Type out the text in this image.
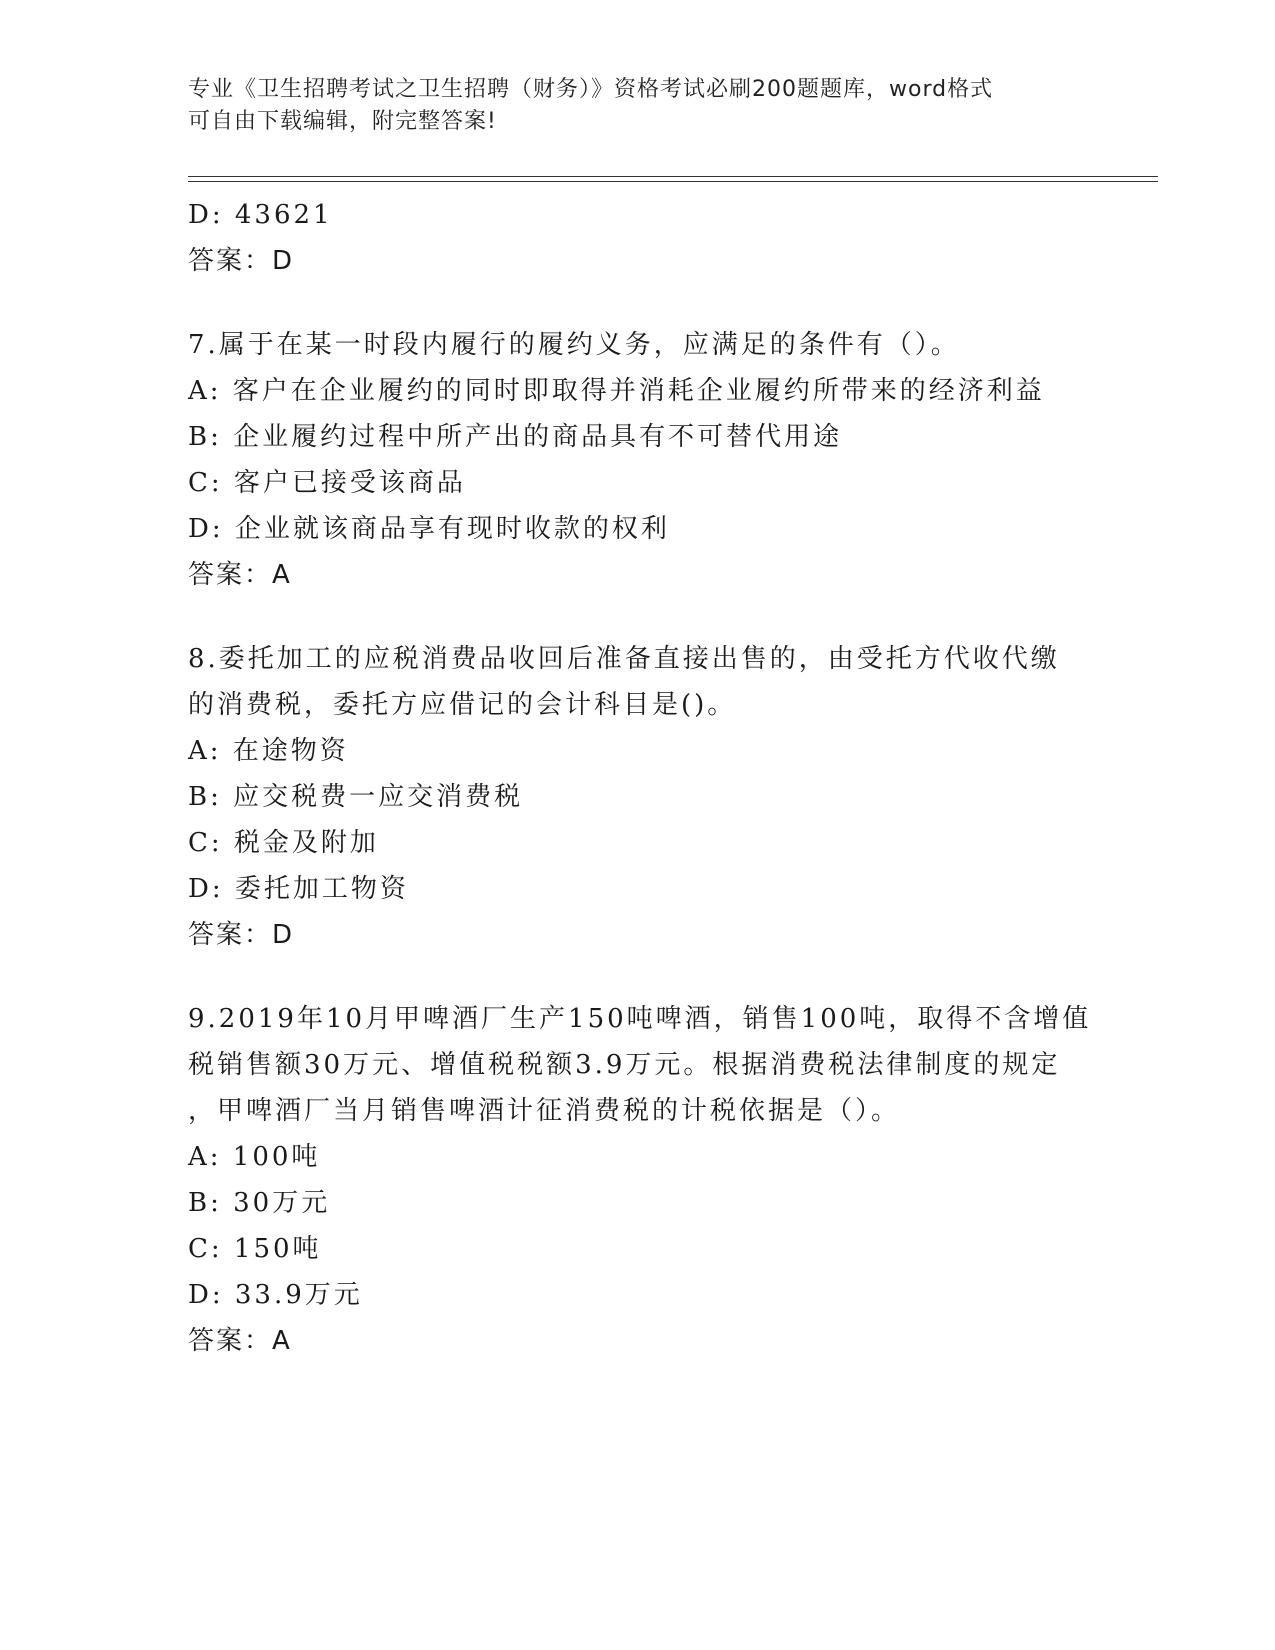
专业《卫生招聘考试之卫生招聘（财务）》资格考试必刷200题题库，word格式
可自由下载编辑，附完整答案!
D: 43621
答案：D
7.属于在某一时段内履行的履约义务，应满足的条件有（）。
A: 客户在企业履约的同时即取得并消耗企业履约所带来的经济利益
B: 企业履约过程中所产出的商品具有不可替代用途
C: 客户已接受该商品
D: 企业就该商品享有现时收款的权利
答案：A
8.委托加工的应税消费品收回后准备直接出售的，由受托方代收代缴
的消费税，委托方应借记的会计科目是()。
A: 在途物资
B: 应交税费一应交消费税
C: 税金及附加
D: 委托加工物资
答案：D
9.2019年10月甲啤酒厂生产150吨啤酒，销售100吨，取得不含增值
税销售额30万元、增值税税额3.9万元。根据消费税法律制度的规定
，甲啤酒厂当月销售啤酒计征消费税的计税依据是（）。
A: 100吨
B: 30万元
C: 150吨
D: 33.9万元
答案：A
